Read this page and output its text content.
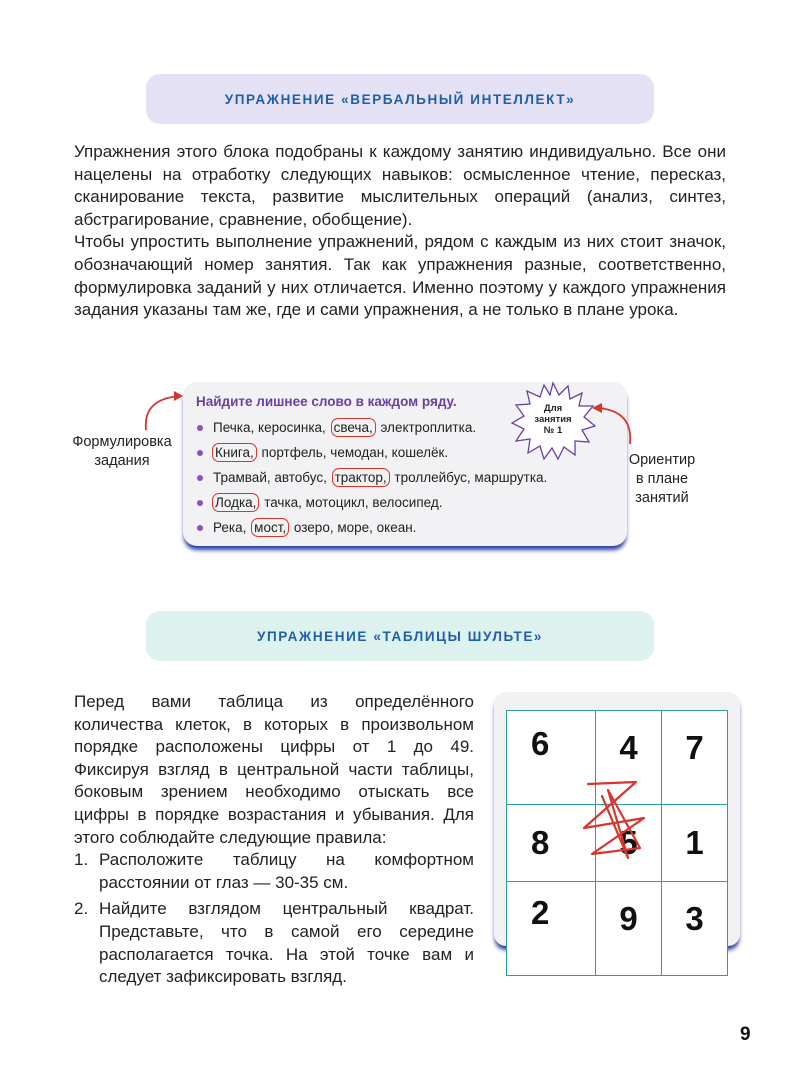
УПРАЖНЕНИЕ «ВЕРБАЛЬНЫЙ ИНТЕЛЛЕКТ»

Упражнения этого блока подобраны к каждому занятию индивидуально. Все они нацелены на отработку следующих навыков: осмысленное чтение, пересказ, сканирование текста, развитие мыслительных операций (анализ, синтез, абстрагирование, сравнение, обобщение).

Чтобы упростить выполнение упражнений, рядом с каждым из них стоит значок, обозначающий номер занятия. Так как упражнения разные, соответственно, формулировка заданий у них отличается. Именно поэтому у каждого упражнения задания указаны там же, где и сами упражнения, а не только в плане урока.

Формулировка
задания
Найдите лишнее слово в каждом ряду.
Печка, керосинка,
свеча,
электроплитка.
Книга,
портфель, чемодан, кошелёк.
Трамвай, автобус,
трактор,
троллейбус, маршрутка.
Лодка,
тачка, мотоцикл, велосипед.
Река,
мост,
озеро, море, океан.
Для
занятия
№ 1
Ориентир
в плане
занятий
УПРАЖНЕНИЕ «ТАБЛИЦЫ ШУЛЬТЕ»

Перед вами таблица из определённого количества клеток, в которых в произвольном порядке расположены цифры от 1 до 49. Фиксируя взгляд в центральной части таблицы, боковым зрением необходимо отыскать все цифры в порядке возрастания и убывания. Для этого соблюдайте следующие правила:

1. Расположите таблицу на комфортном расстоянии от глаз — 30-35 см.
2. Найдите взглядом центральный квадрат. Представьте, что в самой его середине располагается точка. На этой точке вам и следует зафиксировать взгляд.
6	4	7
8	5	1
2	9	3
9
